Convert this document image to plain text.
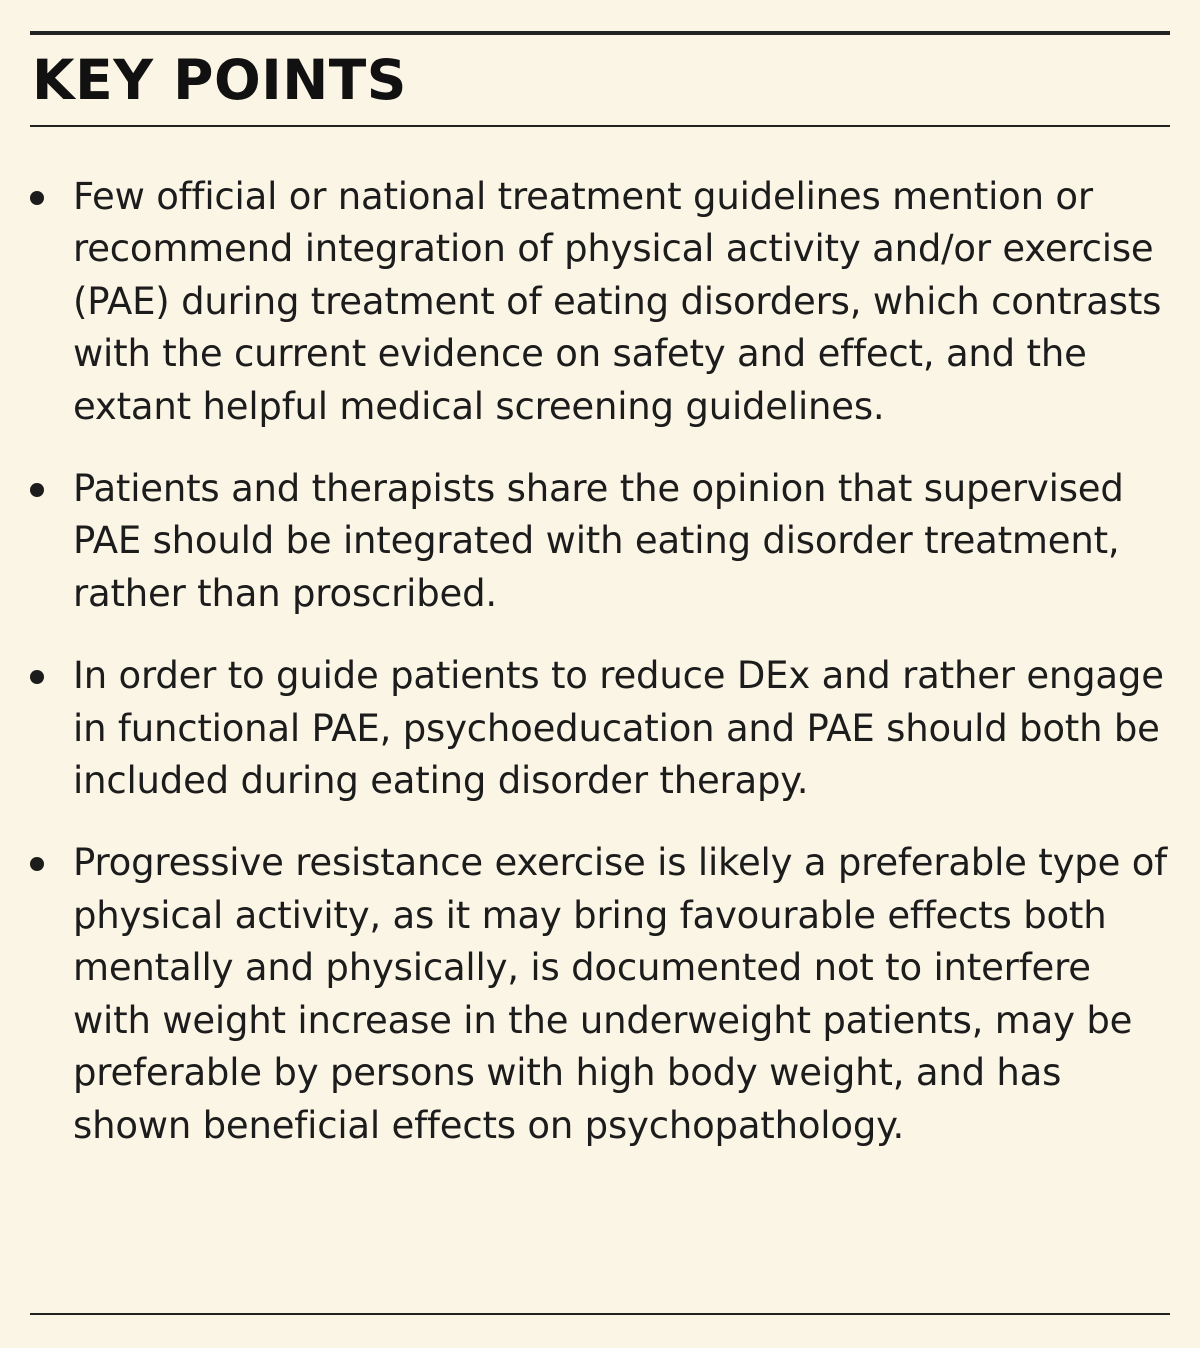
KEY POINTS
Few official or national treatment guidelines mention or recommend integration of physical activity and/or exercise (PAE) during treatment of eating disorders, which contrasts with the current evidence on safety and effect, and the extant helpful medical screening guidelines.
Patients and therapists share the opinion that supervised PAE should be integrated with eating disorder treatment, rather than proscribed.
In order to guide patients to reduce DEx and rather engage in functional PAE, psychoeducation and PAE should both be included during eating disorder therapy.
Progressive resistance exercise is likely a preferable type of physical activity, as it may bring favourable effects both mentally and physically, is documented not to interfere with weight increase in the underweight patients, may be preferable by persons with high body weight, and has shown beneficial effects on psychopathology.
